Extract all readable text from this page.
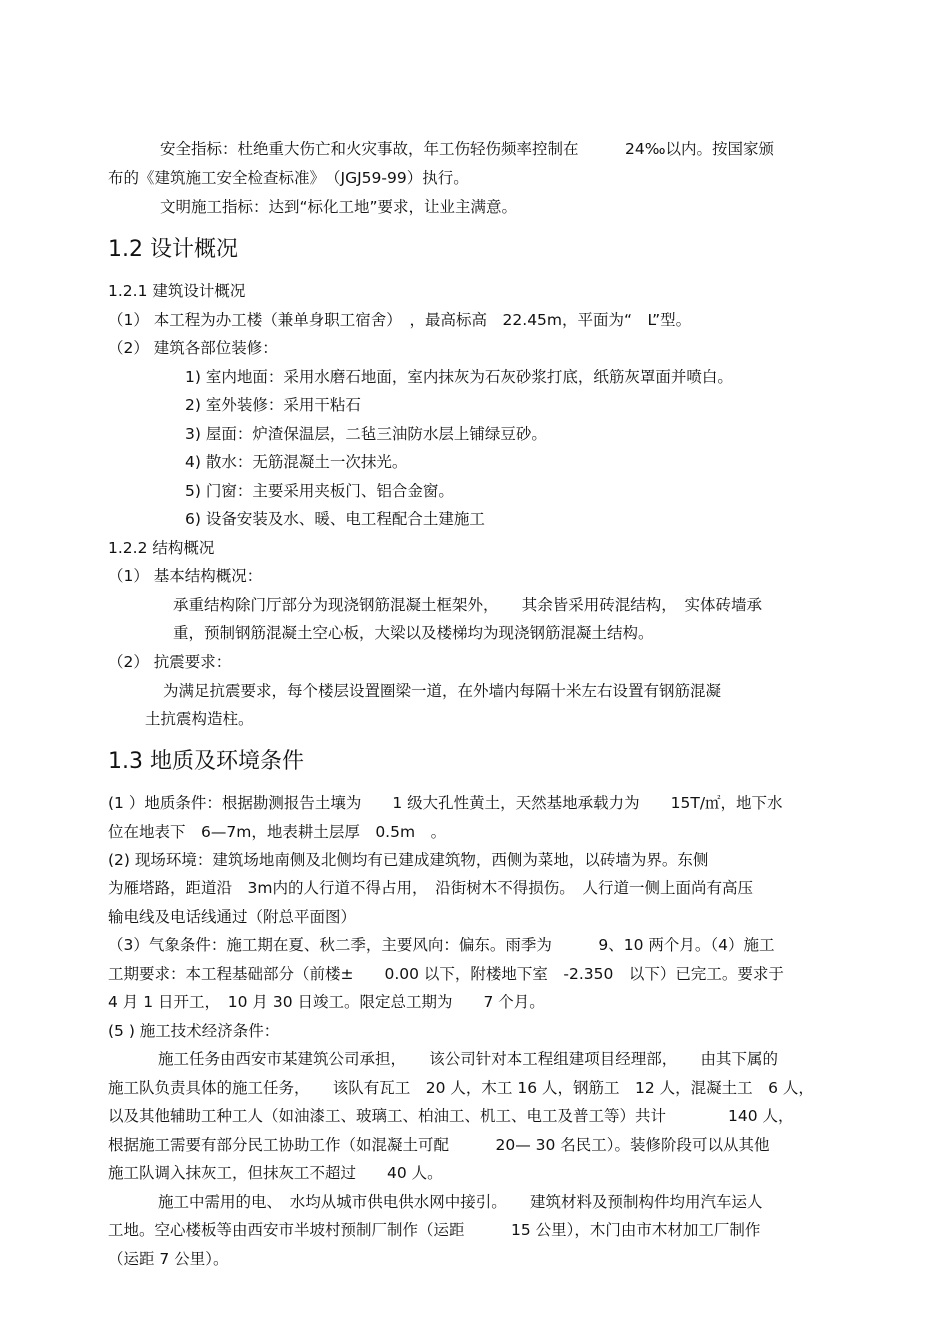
安全指标：杜绝重大伤亡和火灾事故，年工伤轻伤频率控制在　　　24‰以内。按国家颁
布的《建筑施工安全检查标准》　（JGJ59-99）执行。
文明施工指标：达到“标化工地”要求，让业主满意。
1.2 设计概况
1.2.1 建筑设计概况
（1） 本工程为办工楼（兼单身职工宿舍）　，最高标高　22.45m，平面为“　L”型。
（2） 建筑各部位装修：
1) 室内地面：采用水磨石地面，室内抹灰为石灰砂浆打底，纸筋灰罩面并喷白。
2) 室外装修：采用干粘石
3) 屋面：炉渣保温层，二毡三油防水层上铺绿豆砂。
4) 散水：无筋混凝土一次抹光。
5) 门窗：主要采用夹板门、铝合金窗。
6) 设备安装及水、暖、电工程配合土建施工
1.2.2 结构概况
（1） 基本结构概况：
承重结构除门厅部分为现浇钢筋混凝土框架外，　　其余皆采用砖混结构，　实体砖墙承
重，预制钢筋混凝土空心板，大梁以及楼梯均为现浇钢筋混凝土结构。
（2） 抗震要求：
为满足抗震要求，每个楼层设置圈梁一道，在外墙内每隔十米左右设置有钢筋混凝
土抗震构造柱。
1.3 地质及环境条件
(1 ）地质条件：根据勘测报告土壤为　　1 级大孔性黄土，天然基地承载力为　　15T/㎡，地下水
位在地表下　6—7m，地表耕土层厚　0.5m　。
(2) 现场环境：建筑场地南侧及北侧均有已建成建筑物，西侧为菜地，以砖墙为界。东侧
为雁塔路，距道沿　3m内的人行道不得占用，　沿街树木不得损伤。　人行道一侧上面尚有高压
输电线及电话线通过（附总平面图）
（3）气象条件：施工期在夏、秋二季，主要风向：偏东。雨季为　　　9、10 两个月。（4）施工
工期要求：本工程基础部分（前楼±　　0.00 以下，附楼地下室　-2.350　以下）已完工。要求于
4 月 1 日开工，　10 月 30 日竣工。限定总工期为　　7 个月。
(5 ) 施工技术经济条件：
施工任务由西安市某建筑公司承担，　　该公司针对本工程组建项目经理部，　　由其下属的
施工队负责具体的施工任务，　　该队有瓦工　20 人，木工 16 人，钢筋工　12 人，混凝土工　6 人，
以及其他辅助工种工人（如油漆工、玻璃工、柏油工、机工、电工及普工等）共计　　　　140 人，
根据施工需要有部分民工协助工作（如混凝土可配　　　20— 30 名民工）。装修阶段可以从其他
施工队调入抹灰工，但抹灰工不超过　　40 人。
施工中需用的电、　水均从城市供电供水网中接引。　　建筑材料及预制构件均用汽车运人
工地。空心楼板等由西安市半坡村预制厂制作（运距　　　15 公里），木门由市木材加工厂制作
（运距 7 公里）。
